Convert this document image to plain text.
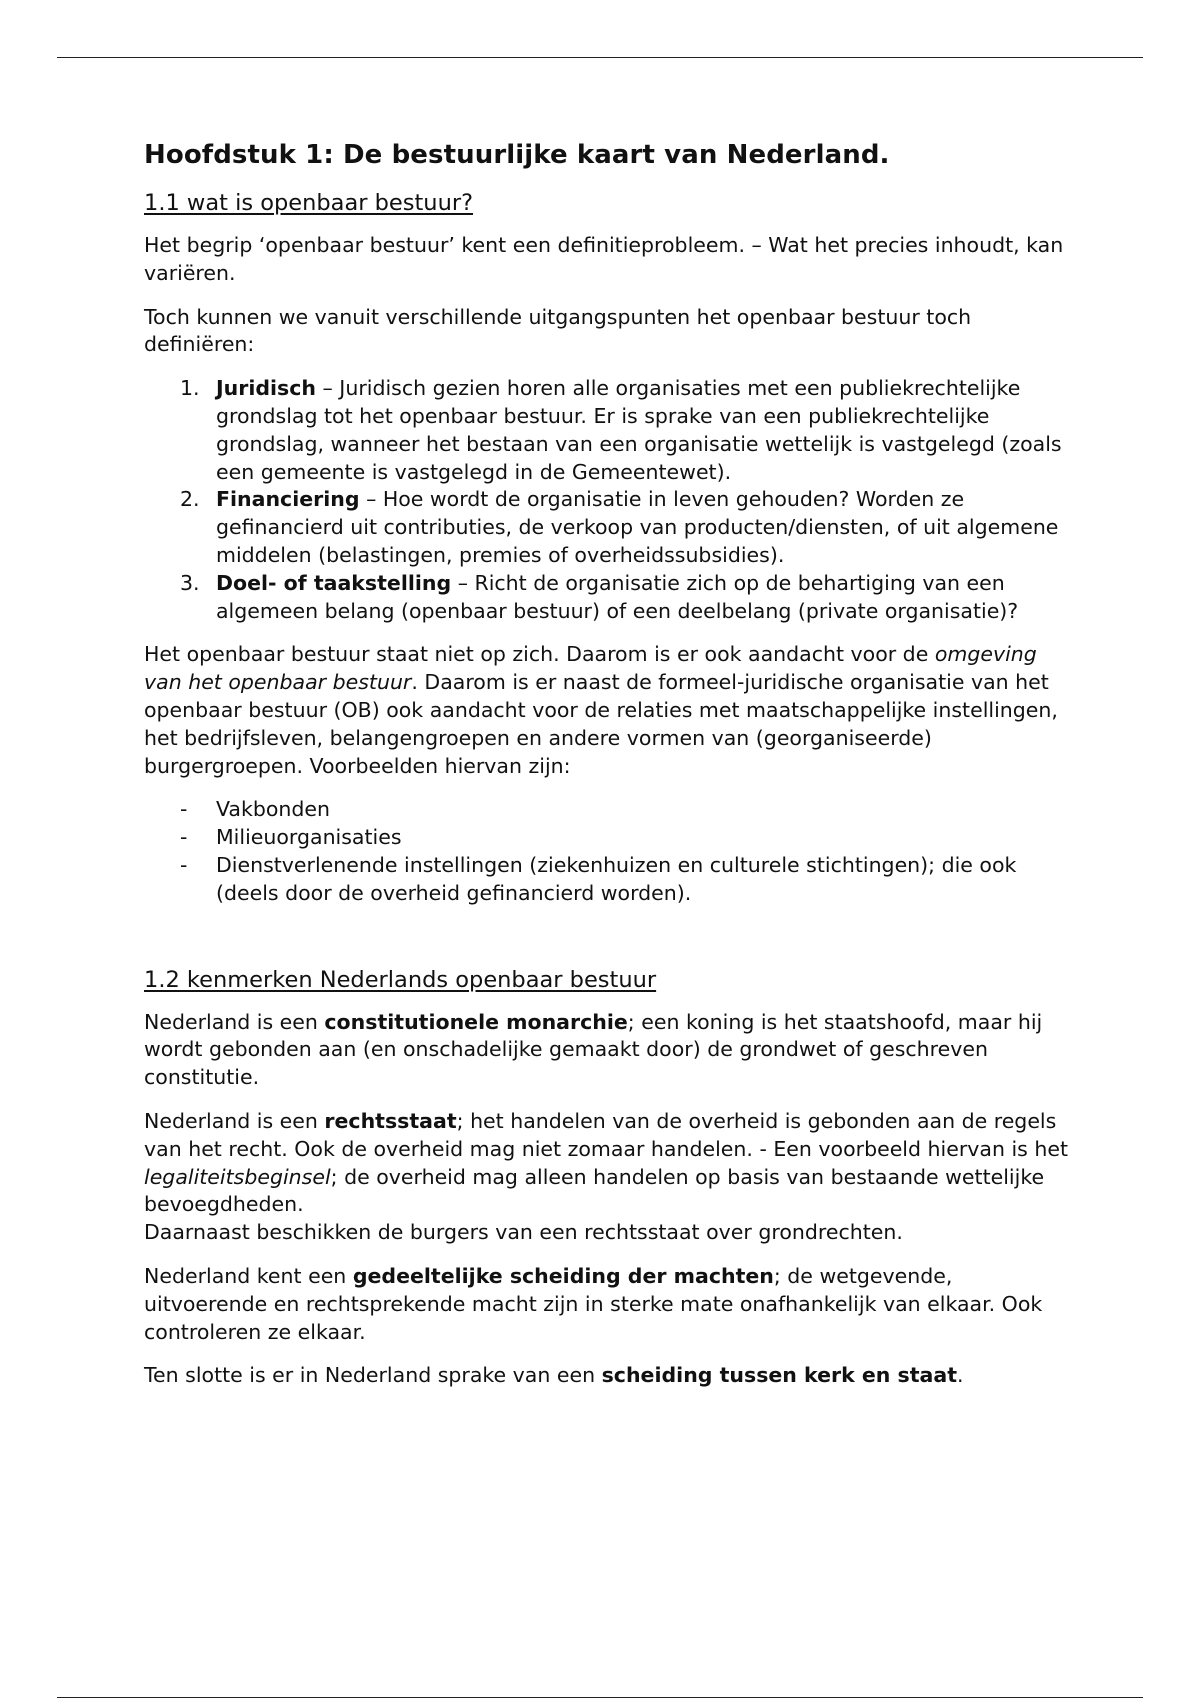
Hoofdstuk 1: De bestuurlijke kaart van Nederland.
1.1 wat is openbaar bestuur?

Het begrip ‘openbaar bestuur’ kent een definitieprobleem. – Wat het precies inhoudt, kan variëren.

Toch kunnen we vanuit verschillende uitgangspunten het openbaar bestuur toch definiëren:

1. Juridisch – Juridisch gezien horen alle organisaties met een publiekrechtelijke grondslag tot het openbaar bestuur. Er is sprake van een publiekrechtelijke grondslag, wanneer het bestaan van een organisatie wettelijk is vastgelegd (zoals een gemeente is vastgelegd in de Gemeentewet).
2. Financiering – Hoe wordt de organisatie in leven gehouden? Worden ze gefinancierd uit contributies, de verkoop van producten/diensten, of uit algemene middelen (belastingen, premies of overheidssubsidies).
3. Doel- of taakstelling – Richt de organisatie zich op de behartiging van een algemeen belang (openbaar bestuur) of een deelbelang (private organisatie)?

Het openbaar bestuur staat niet op zich. Daarom is er ook aandacht voor de omgeving van het openbaar bestuur. Daarom is er naast de formeel-juridische organisatie van het openbaar bestuur (OB) ook aandacht voor de relaties met maatschappelijke instellingen, het bedrijfsleven, belangengroepen en andere vormen van (georganiseerde) burgergroepen. Voorbeelden hiervan zijn:

- Vakbonden
- Milieuorganisaties
- Dienstverlenende instellingen (ziekenhuizen en culturele stichtingen); die ook (deels door de overheid gefinancierd worden).
1.2 kenmerken Nederlands openbaar bestuur

Nederland is een constitutionele monarchie; een koning is het staatshoofd, maar hij wordt gebonden aan (en onschadelijke gemaakt door) de grondwet of geschreven constitutie.

Nederland is een rechtsstaat; het handelen van de overheid is gebonden aan de regels van het recht. Ook de overheid mag niet zomaar handelen. - Een voorbeeld hiervan is het legaliteitsbeginsel; de overheid mag alleen handelen op basis van bestaande wettelijke bevoegdheden.

Daarnaast beschikken de burgers van een rechtsstaat over grondrechten.

Nederland kent een gedeeltelijke scheiding der machten; de wetgevende, uitvoerende en rechtsprekende macht zijn in sterke mate onafhankelijk van elkaar. Ook controleren ze elkaar.

Ten slotte is er in Nederland sprake van een scheiding tussen kerk en staat.
